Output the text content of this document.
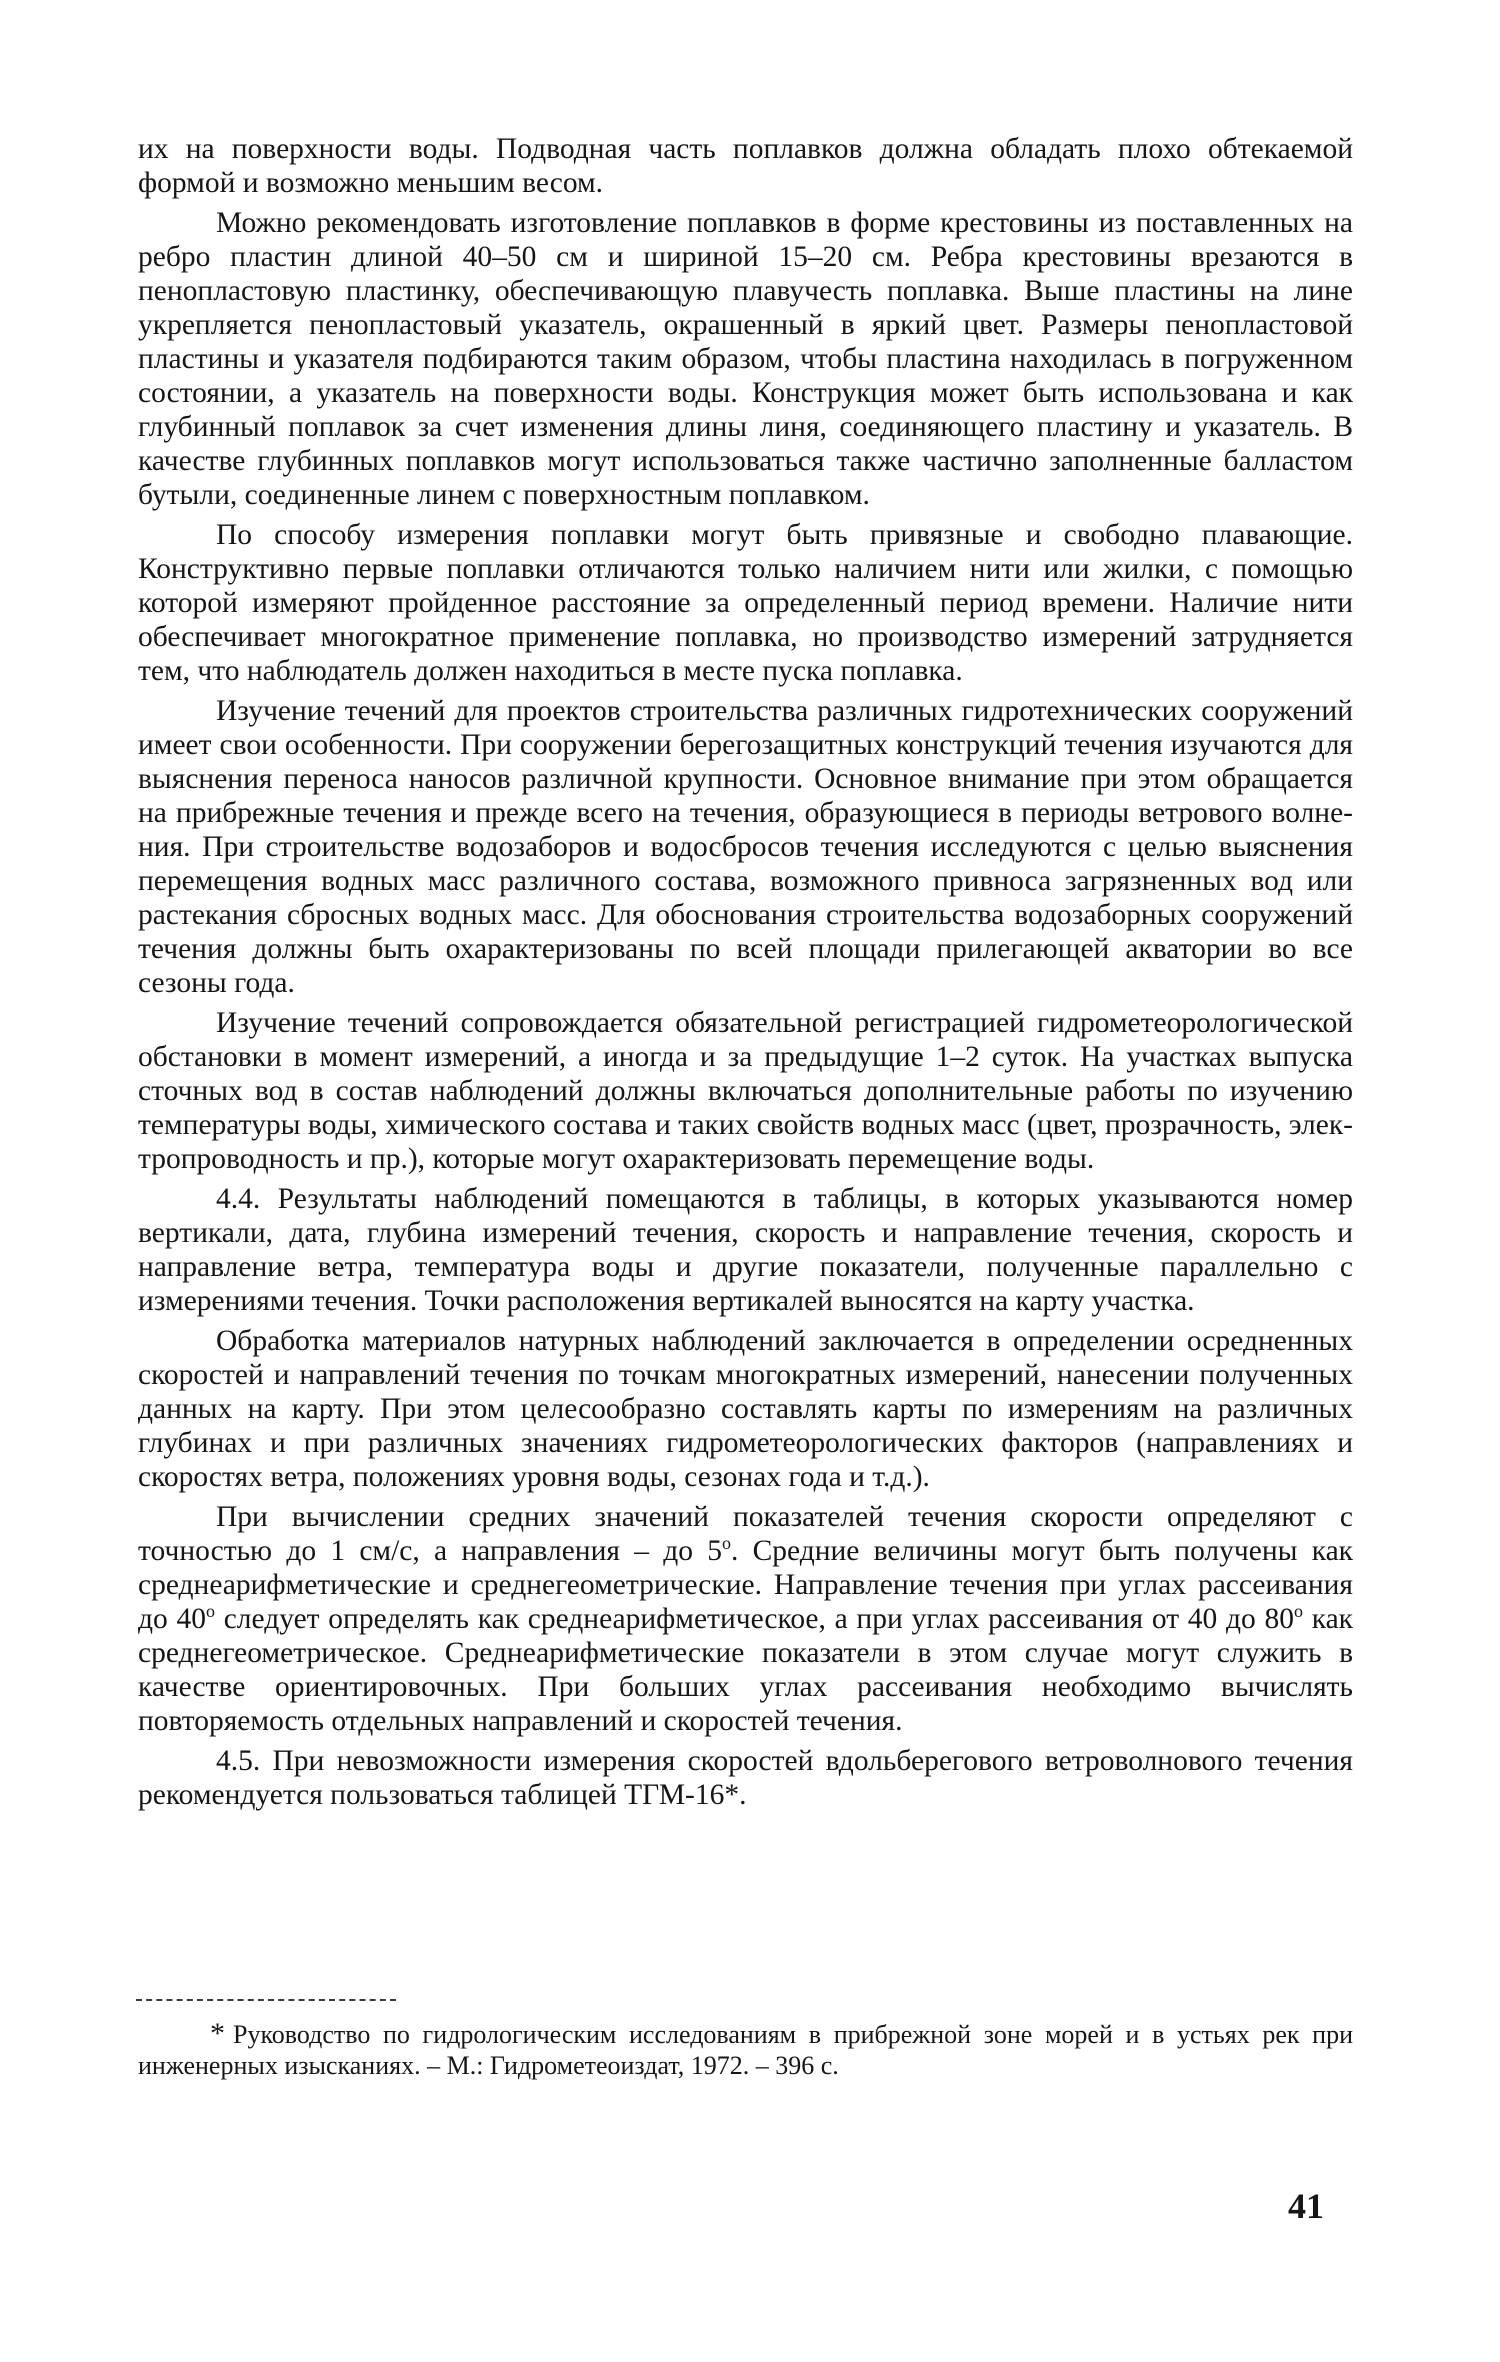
их на поверхности воды. Подводная часть поплавков должна обладать плохо обтекаемой формой и возможно меньшим весом.

Можно рекомендовать изготовление поплавков в форме крестовины из поставленных на ребро пластин длиной 40–50 см и шириной 15–20 см. Ребра крестовины врезаются в пенопластовую пластинку, обеспечивающую плавучесть поплавка. Выше пластины на лине укрепляется пенопластовый указатель, окрашенный в яркий цвет. Размеры пенопластовой пластины и указателя подбираются таким образом, чтобы пластина находилась в погруженном состоянии, а указатель на поверхности воды. Конструкция может быть использована и как глубинный поплавок за счет изменения длины линя, соединяющего пластину и указатель. В качестве глубинных поплавков могут использоваться также частично заполненные балластом бутыли, соединенные линем с поверхностным поплавком.

По способу измерения поплавки могут быть привязные и свободно плавающие. Конструктивно первые поплавки отличаются только наличием нити или жилки, с помощью которой измеряют пройденное расстояние за определенный период времени. Наличие нити обеспечивает многократное применение поплавка, но производство измерений затрудняется тем, что наблюдатель должен находиться в месте пуска поплавка.

Изучение течений для проектов строительства различных гидротехнических сооружений имеет свои особенности. При сооружении берегозащитных конструкций течения изучаются для выяснения переноса наносов различной крупности. Основное внимание при этом обращается на прибрежные течения и прежде всего на течения, образующиеся в периоды ветрового волнения. При строительстве водозаборов и водосбросов течения исследуются с целью выяснения перемещения водных масс различного состава, возможного привноса загрязненных вод или растекания сбросных водных масс. Для обоснования строительства водозаборных сооружений течения должны быть охарактеризованы по всей площади прилегающей акватории во все сезоны года.

Изучение течений сопровождается обязательной регистрацией гидрометеорологической обстановки в момент измерений, а иногда и за предыдущие 1–2 суток. На участках выпуска сточных вод в состав наблюдений должны включаться дополнительные работы по изучению температуры воды, химического состава и таких свойств водных масс (цвет, прозрачность, электропроводность и пр.), которые могут охарактеризовать перемещение воды.

4.4. Результаты наблюдений помещаются в таблицы, в которых указываются номер вертикали, дата, глубина измерений течения, скорость и направление течения, скорость и направление ветра, температура воды и другие показатели, полученные параллельно с измерениями течения. Точки расположения вертикалей выносятся на карту участка.

Обработка материалов натурных наблюдений заключается в определении осредненных скоростей и направлений течения по точкам многократных измерений, нанесении полученных данных на карту. При этом целесообразно составлять карты по измерениям на различных глубинах и при различных значениях гидрометеорологических факторов (направлениях и скоростях ветра, положениях уровня воды, сезонах года и т.д.).

При вычислении средних значений показателей течения скорости определяют с точностью до 1 см/с, а направления – до $5^о$. Средние величины могут быть получены как среднеарифметические и среднегеометрические. Направление течения при углах рассеивания до $40^о$ следует определять как среднеарифметическое, а при углах рассеивания от 40 до $80^о$ как среднегеометрическое. Среднеарифметические показатели в этом случае могут служить в качестве ориентировочных. При больших углах рассеивания необходимо вычислять повторяемость отдельных направлений и скоростей течения.

4.5. При невозможности измерения скоростей вдольберегового ветроволнового течения рекомендуется пользоваться таблицей ТГМ-16*.

* Руководство по гидрологическим исследованиям в прибрежной зоне морей и в устьях рек при инженерных изысканиях. – М.: Гидрометеоиздат, 1972. – 396 с.

41
